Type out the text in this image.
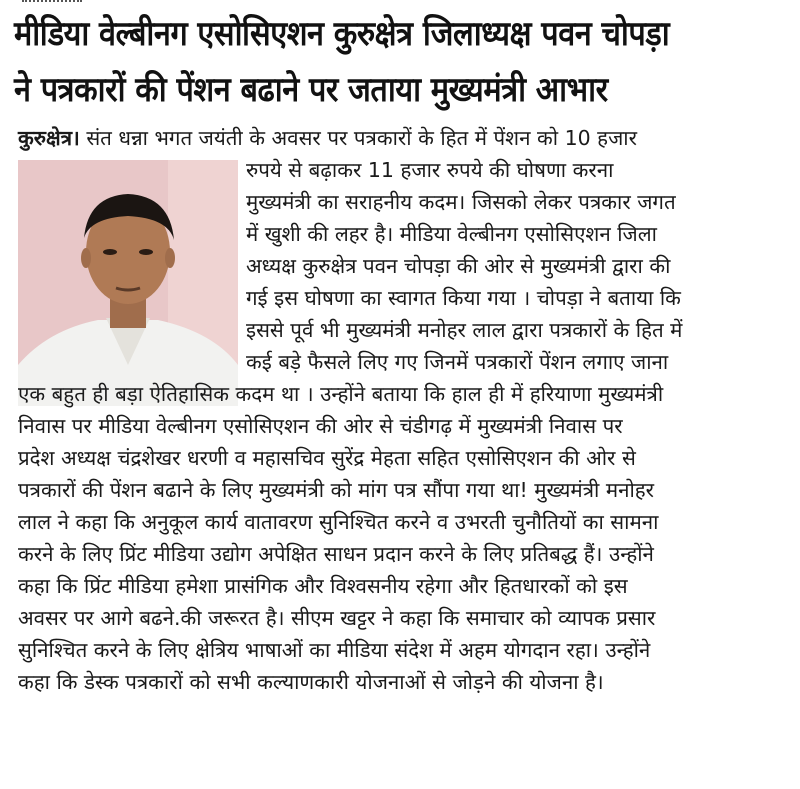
मीडिया वेल्बीनग एसोसिएशन कुरुक्षेत्र जिलाध्यक्ष पवन चोपड़ा
ने पत्रकारों की पेंशन बढाने पर जताया मुख्यमंत्री आभार
कुरुक्षेत्र। संत धन्ना भगत जयंती के अवसर पर पत्रकारों के हित में पेंशन को 10 हजार
रुपये से बढ़ाकर 11 हजार रुपये की घोषणा करना
मुख्यमंत्री का सराहनीय कदम। जिसको लेकर पत्रकार जगत
में खुशी की लहर है। मीडिया वेल्बीनग एसोसिएशन जिला
अध्यक्ष कुरुक्षेत्र पवन चोपड़ा की ओर से मुख्यमंत्री द्वारा की
गई इस घोषणा का स्वागत किया गया । चोपड़ा ने बताया कि
इससे पूर्व भी मुख्यमंत्री मनोहर लाल द्वारा पत्रकारों के हित में
कई बड़े फैसले लिए गए जिनमें पत्रकारों पेंशन लगाए जाना
एक बहुत ही बड़ा ऐतिहासिक कदम था । उन्होंने बताया कि हाल ही में हरियाणा मुख्यमंत्री
निवास पर मीडिया वेल्बीनग एसोसिएशन की ओर से चंडीगढ़ में मुख्यमंत्री निवास पर
प्रदेश अध्यक्ष चंद्रशेखर धरणी व महासचिव सुरेंद्र मेहता सहित एसोसिएशन की ओर से
पत्रकारों की पेंशन बढाने के लिए मुख्यमंत्री को मांग पत्र सौंपा गया था! मुख्यमंत्री मनोहर
लाल ने कहा कि अनुकूल कार्य वातावरण सुनिश्चित करने व उभरती चुनौतियों का सामना
करने के लिए प्रिंट मीडिया उद्योग अपेक्षित साधन प्रदान करने के लिए प्रतिबद्ध हैं। उन्होंने
कहा कि प्रिंट मीडिया हमेशा प्रासंगिक और विश्वसनीय रहेगा और हितधारकों को इस
अवसर पर आगे बढने.की जरूरत है। सीएम खट्टर ने कहा कि समाचार को व्यापक प्रसार
सुनिश्चित करने के लिए क्षेत्रिय भाषाओं का मीडिया संदेश में अहम योगदान रहा। उन्होंने
कहा कि डेस्क पत्रकारों को सभी कल्याणकारी योजनाओं से जोड़ने की योजना है।
